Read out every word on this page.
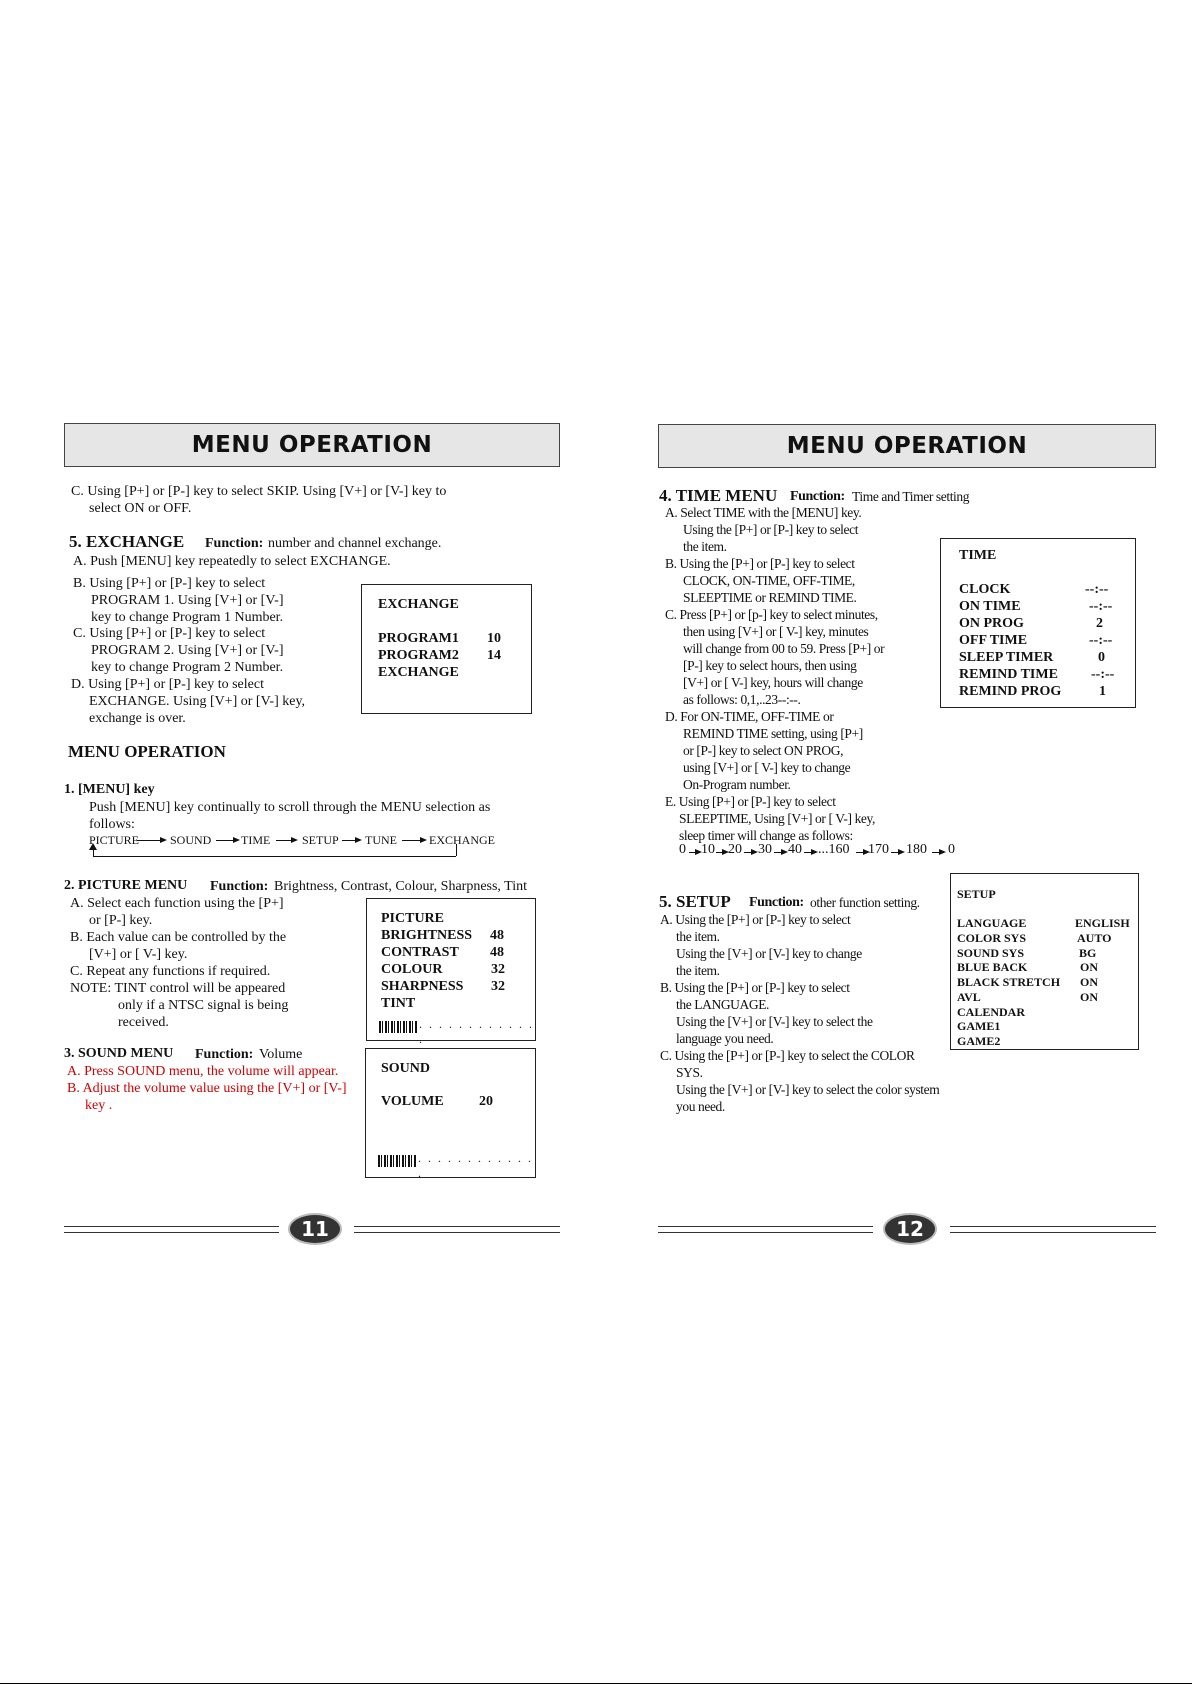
MENU OPERATION
C. Using [P+] or [P-] key to select SKIP. Using [V+] or [V-] key to
select ON or OFF.
5. EXCHANGE Function: number and channel exchange.
A. Push [MENU] key repeatedly to select EXCHANGE.
B. Using [P+] or [P-] key to select
PROGRAM 1. Using [V+] or [V-]
key to change Program 1 Number.
C. Using [P+] or [P-] key to select
PROGRAM 2. Using [V+] or [V-]
key to change Program 2 Number.
D. Using [P+] or [P-] key to select
EXCHANGE. Using [V+] or [V-] key,
exchange is over.
EXCHANGE
PROGRAM1 10
PROGRAM2 14
EXCHANGE
MENU OPERATION
1. [MENU] key
Push [MENU] key continually to scroll through the MENU selection as
follows:
PICTURE	SOUND TIME	SETUP TUNE	EXCHANGE
2. PICTURE MENU Function: Brightness, Contrast, Colour, Sharpness, Tint
A. Select each function using the [P+]
or [P-] key.
B. Each value can be controlled by the
[V+] or [ V-] key.
C. Repeat any functions if required.
NOTE: TINT control will be appeared
only if a NTSC signal is being
received.
PICTURE
BRIGHTNESS 48
CONTRAST 48
COLOUR	32
SHARPNESS 32
TINT
. . . . . . . . . . . . .
3. SOUND MENU Function: Volume
A. Press SOUND menu, the volume will appear.
B. Adjust the volume value using the [V+] or [V-]
key .
SOUND
VOLUME	20
. . . . . . . . . . . . .
11
MENU OPERATION
4. TIME MENU Function: Time and Timer setting
A. Select TIME with the [MENU] key.
Using the [P+] or [P-] key to select
the item.
B. Using the [P+] or [P-] key to select
CLOCK, ON-TIME, OFF-TIME,
SLEEPTIME or REMIND TIME.
C. Press [P+] or [p-] key to select minutes,
then using [V+] or [ V-] key, minutes
will change from 00 to 59. Press [P+] or
[P-] key to select hours, then using
[V+] or [ V-] key, hours will change
as follows: 0,1,..23--:--.
D. For ON-TIME, OFF-TIME or
REMIND TIME setting, using [P+]
or [P-] key to select ON PROG,
using [V+] or [ V-] key to change
On-Program number.
E. Using [P+] or [P-] key to select
SLEEPTIME, Using [V+] or [ V-] key,
sleep timer will change as follows:
0 10 20 30 40 ...160 170 180 0
TIME
CLOCK	--:--
ON TIME	--:--
ON PROG	2
OFF TIME	--:--
SLEEP TIMER	0
REMIND TIME --:--
REMIND PROG	1
5. SETUP Function: other function setting.
A. Using the [P+] or [P-] key to select
the item.
Using the [V+] or [V-] key to change
the item.
B. Using the [P+] or [P-] key to select
the LANGUAGE.
Using the [V+] or [V-] key to select the
language you need.
C. Using the [P+] or [P-] key to select the COLOR
SYS.
Using the [V+] or [V-] key to select the color system
you need.
SETUP
LANGUAGE	ENGLISH
COLOR SYS	AUTO
SOUND SYS	BG
BLUE BACK	ON
BLACK STRETCH ON
AVL	ON
CALENDAR
GAME1
GAME2
12
